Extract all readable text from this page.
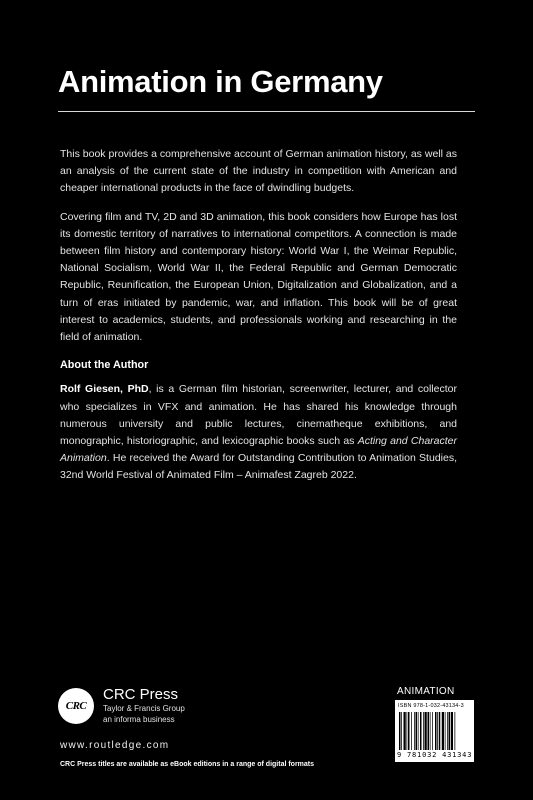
Animation in Germany

This book provides a comprehensive account of German animation history, as well as an analysis of the current state of the industry in competition with American and cheaper international products in the face of dwindling budgets.

Covering film and TV, 2D and 3D animation, this book considers how Europe has lost its domestic territory of narratives to international competitors. A connection is made between film history and contemporary history: World War I, the Weimar Republic, National Socialism, World War II, the Federal Republic and German Democratic Republic, Reunification, the European Union, Digitalization and Globalization, and a turn of eras initiated by pandemic, war, and inflation. This book will be of great interest to academics, students, and professionals working and researching in the field of animation.

About the Author

Rolf Giesen, PhD, is a German film historian, screenwriter, lecturer, and collector who specializes in VFX and animation. He has shared his knowledge through numerous university and public lectures, cinematheque exhibitions, and monographic, historiographic, and lexicographic books such as Acting and Character Animation. He received the Award for Outstanding Contribution to Animation Studies, 32nd World Festival of Animated Film – Animafest Zagreb 2022.

CRC
CRC Press
Taylor & Francis Group
an informa business
www.routledge.com
CRC Press titles are available as eBook editions in a range of digital formats
ANIMATION
ISBN 978-1-032-43134-3
9 781032 431343
